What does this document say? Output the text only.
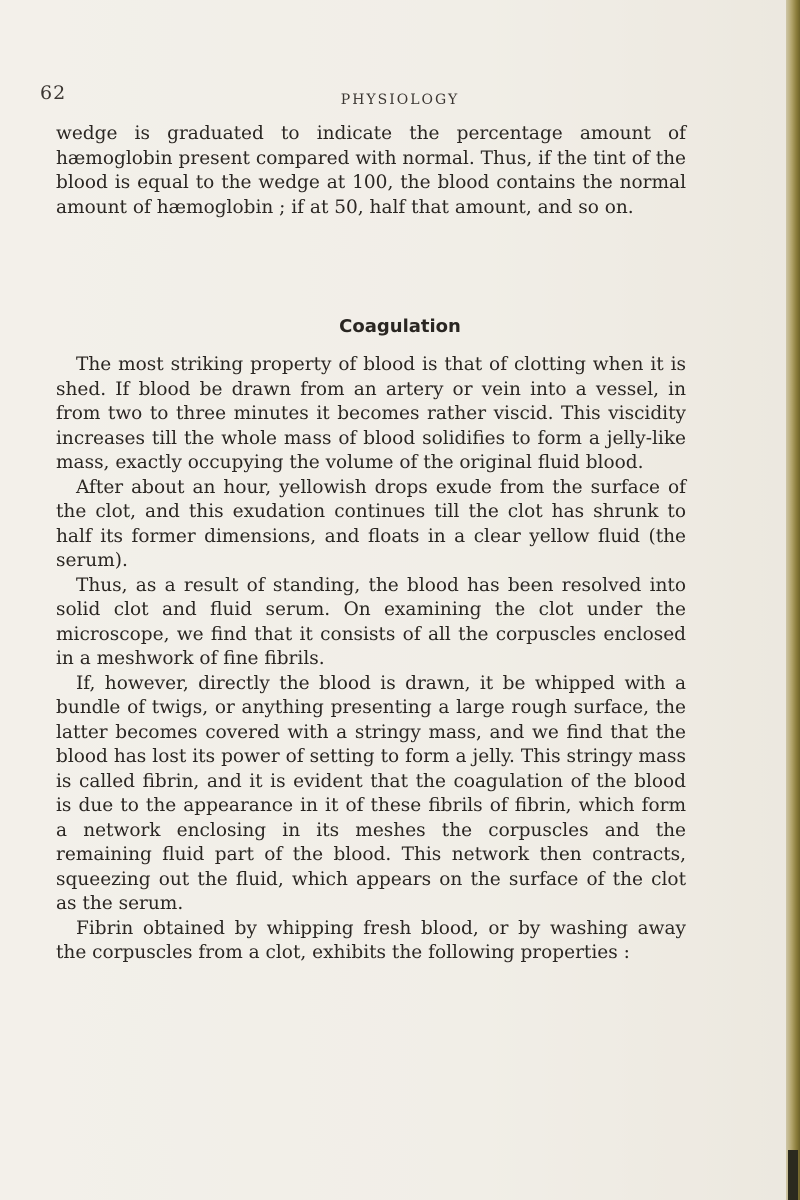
62	PHYSIOLOGY

wedge is graduated to indicate the percentage amount of hæmoglobin present compared with normal. Thus, if the tint of the blood is equal to the wedge at 100, the blood contains the normal amount of hæmoglobin ; if at 50, half that amount, and so on.

Coagulation

The most striking property of blood is that of clotting when it is shed. If blood be drawn from an artery or vein into a vessel, in from two to three minutes it becomes rather viscid. This viscidity increases till the whole mass of blood solidifies to form a jelly-like mass, exactly occupying the volume of the original fluid blood.

After about an hour, yellowish drops exude from the surface of the clot, and this exudation continues till the clot has shrunk to half its former dimensions, and floats in a clear yellow fluid (the serum).

Thus, as a result of standing, the blood has been resolved into solid clot and fluid serum. On examining the clot under the microscope, we find that it consists of all the corpuscles enclosed in a meshwork of fine fibrils.

If, however, directly the blood is drawn, it be whipped with a bundle of twigs, or anything presenting a large rough surface, the latter becomes covered with a stringy mass, and we find that the blood has lost its power of setting to form a jelly. This stringy mass is called fibrin, and it is evident that the coagulation of the blood is due to the appearance in it of these fibrils of fibrin, which form a network enclosing in its meshes the corpuscles and the remaining fluid part of the blood. This network then contracts, squeezing out the fluid, which appears on the surface of the clot as the serum.

Fibrin obtained by whipping fresh blood, or by washing away the corpuscles from a clot, exhibits the following properties :
